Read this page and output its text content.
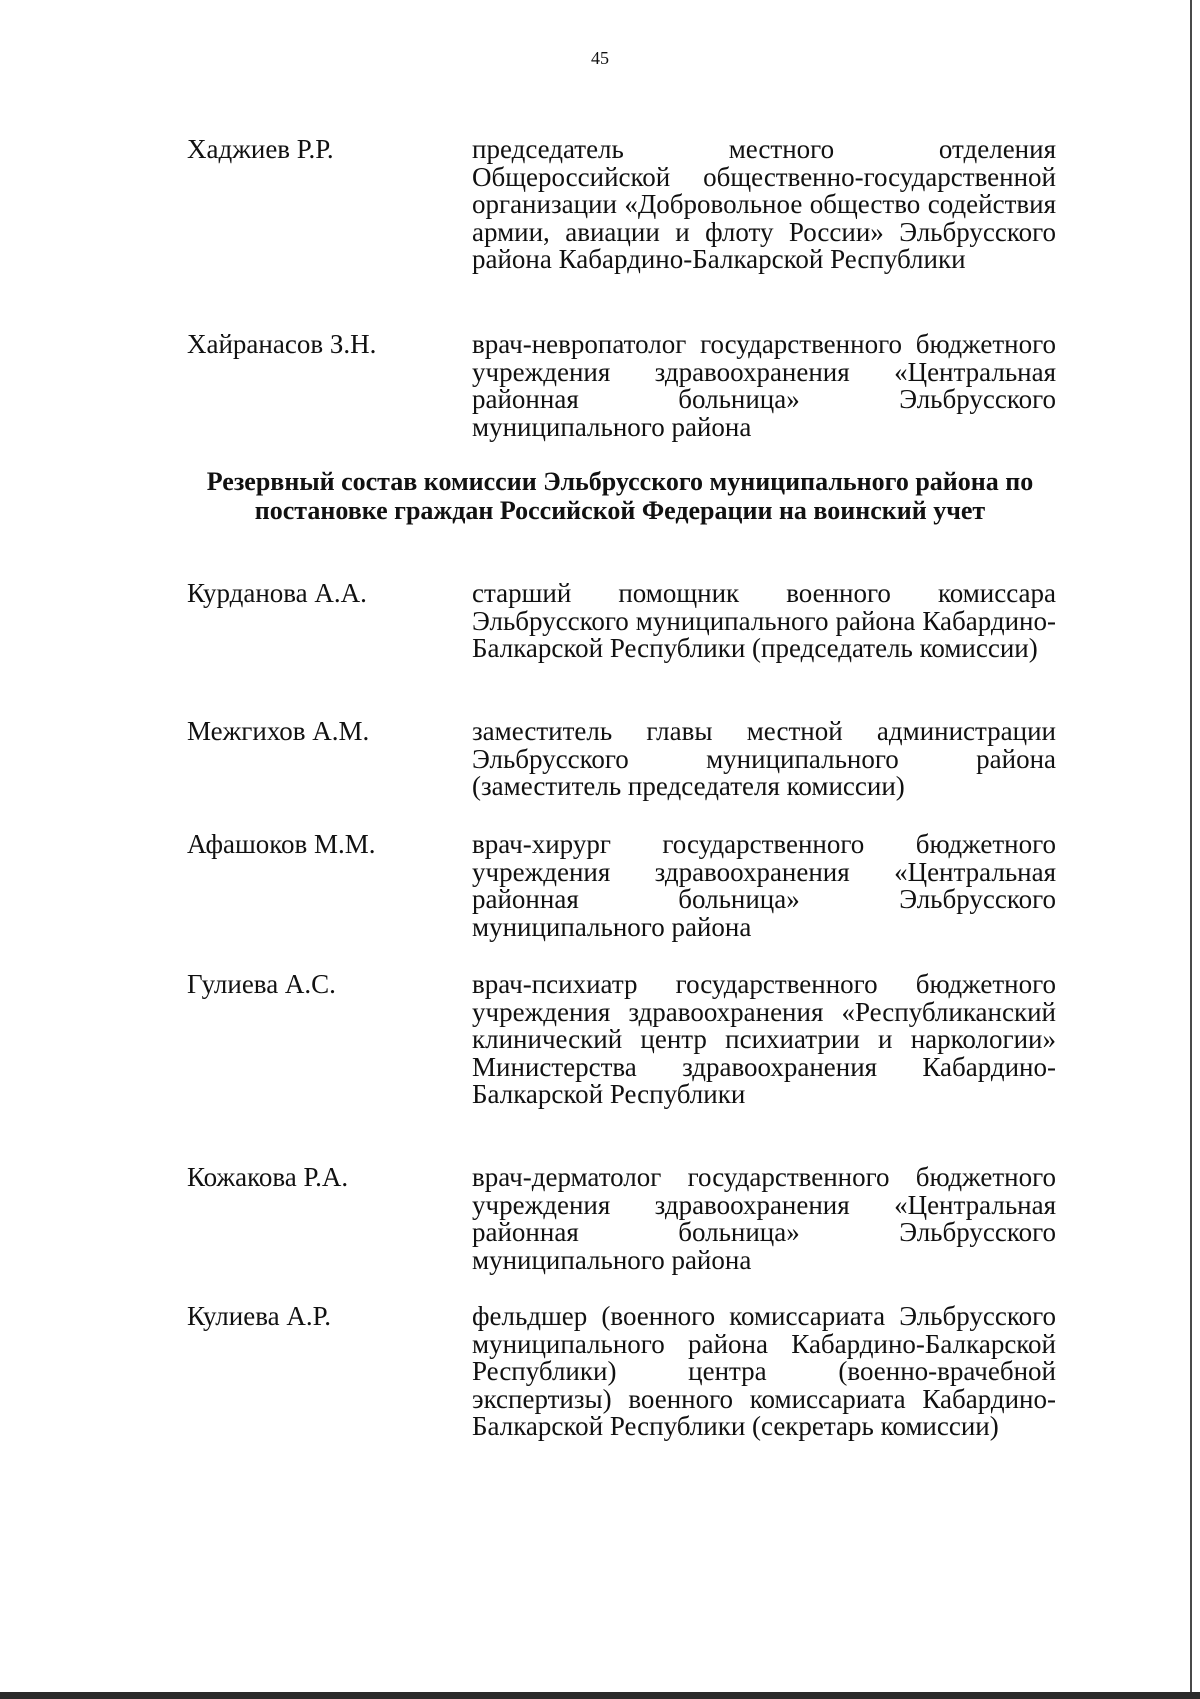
45
Хаджиев Р.Р.	председатель местного отделения Общероссийской общественно-государственной организации «Добровольное общество содействия армии, авиации и флоту России» Эльбрусского района Кабардино-Балкарской Республики
Хайранасов З.Н.	врач-невропатолог государственного бюджетного учреждения здравоохранения «Центральная районная больница» Эльбрусского муниципального района
Резервный состав комиссии Эльбрусского муниципального района по постановке граждан Российской Федерации на воинский учет
Курданова А.А.	старший помощник военного комиссара Эльбрусского муниципального района Кабардино-Балкарской Республики (председатель комиссии)
Межгихов А.М.	заместитель главы местной администрации Эльбрусского муниципального района (заместитель председателя комиссии)
Афашоков М.М.	врач-хирург государственного бюджетного учреждения здравоохранения «Центральная районная больница» Эльбрусского муниципального района
Гулиева А.С.	врач-психиатр государственного бюджетного учреждения здравоохранения «Республиканский клинический центр психиатрии и наркологии» Министерства здравоохранения Кабардино-Балкарской Республики
Кожакова Р.А.	врач-дерматолог государственного бюджетного учреждения здравоохранения «Центральная районная больница» Эльбрусского муниципального района
Кулиева А.Р.	фельдшер (военного комиссариата Эльбрусского муниципального района Кабардино-Балкарской Республики) центра (военно-врачебной экспертизы) военного комиссариата Кабардино-Балкарской Республики (секретарь комиссии)
